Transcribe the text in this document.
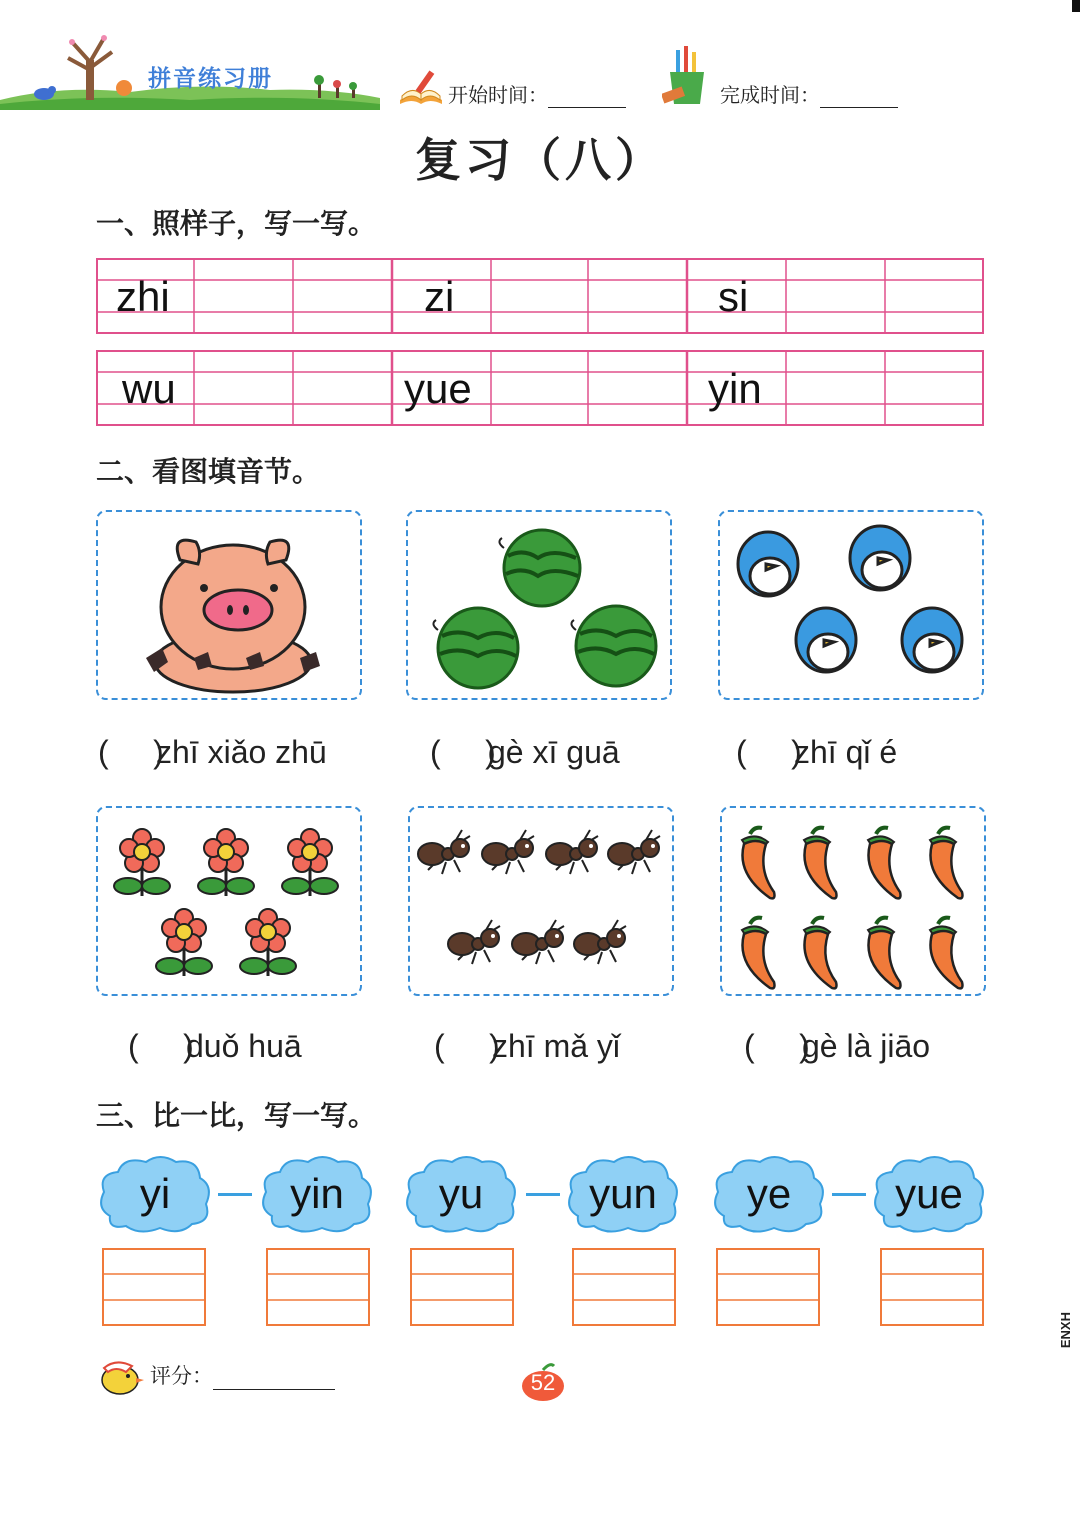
拼音练习册
开始时间：	完成时间：
复习（八）
一、照样子，写一写。
zhi	zi	si
wu	yue	yin
二、看图填音节。
(     )zhī xiǎo zhū	(     )gè xī guā	(     )zhī qǐ é
(     )duǒ huā	(     )zhī mǎ yǐ	(     )gè là jiāo
三、比一比，写一写。
yi	yin	yu	yun	ye	yue
评分：	52
ENXH
